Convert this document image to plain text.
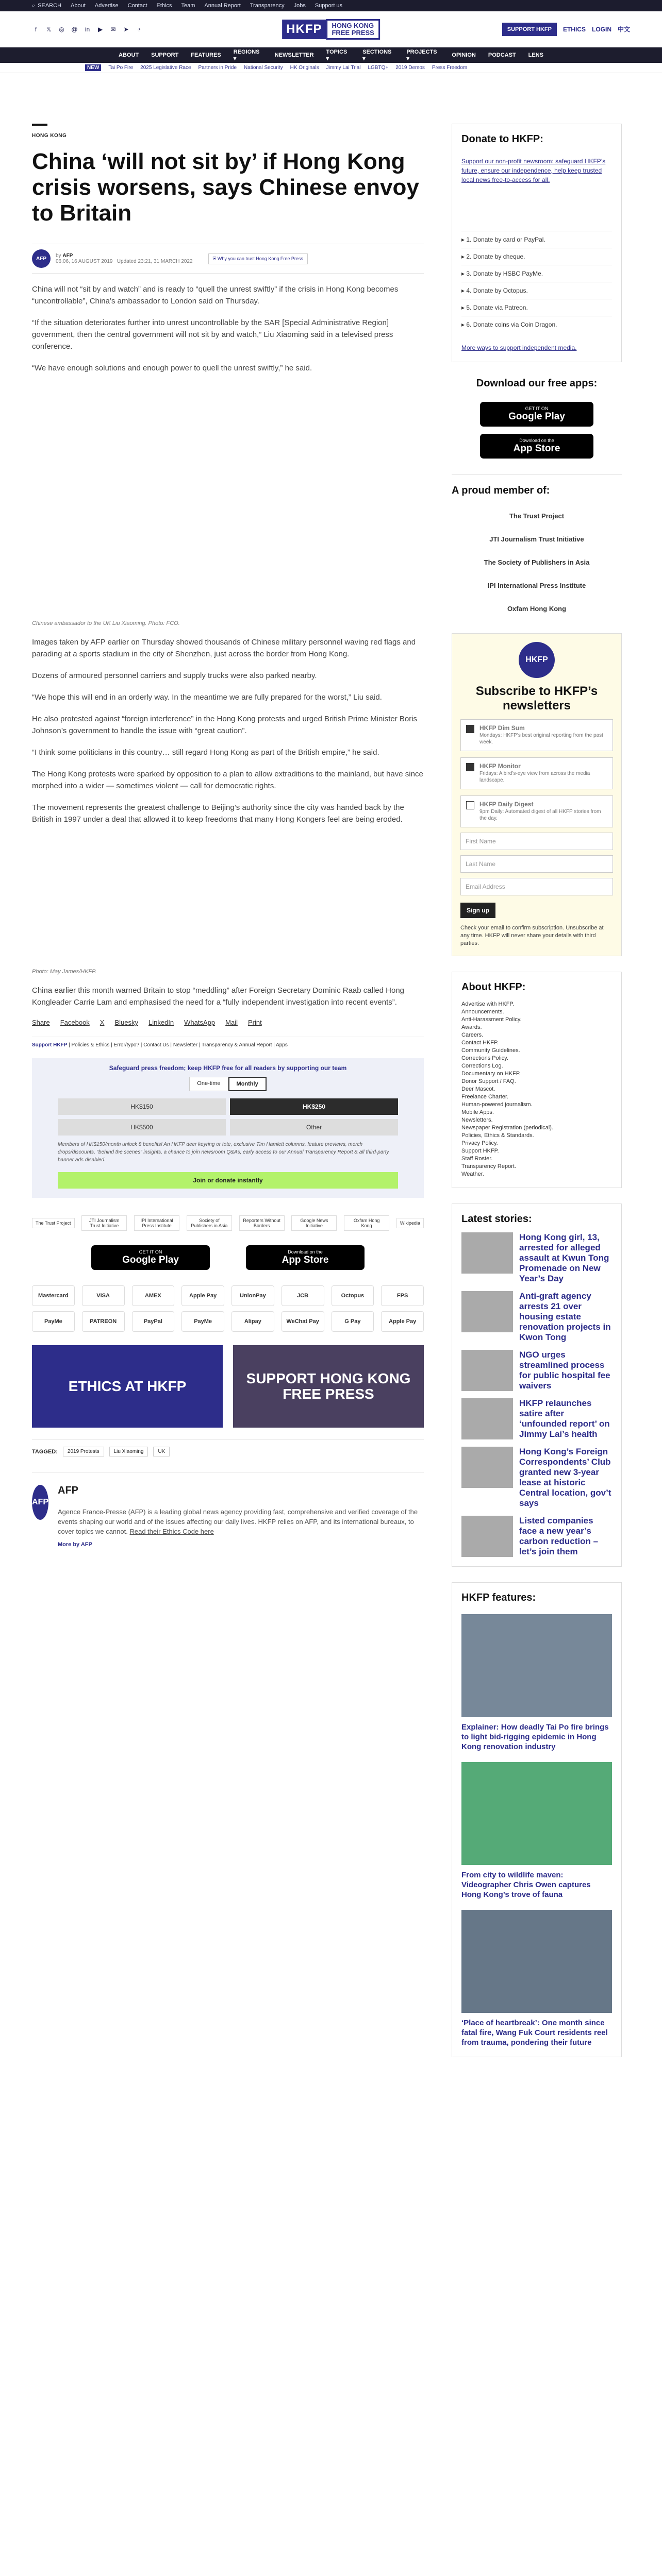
⌕ SEARCH About Advertise Contact Ethics Team Annual Report Transparency Jobs Support us
f	𝕏 ◎ @ in ▶ ✉ ➤	◔	HKFP	HONG KONG
FREE PRESS	SUPPORT HKFP	ETHICS LOGIN 中文
ABOUT SUPPORT FEATURES
REGIONS ▾
NEWSLETTER
TOPICS ▾
SECTIONS ▾
PROJECTS ▾
OPINION PODCAST LENS
NEW	Tai Po Fire 2025 Legislative Race Partners in Pride National Security HK Originals Jimmy Lai Trial LGBTQ+ 2019 Demos Press Freedom
HONG KONG
China ‘will not sit by’ if Hong Kong crisis worsens, says Chinese envoy to Britain
AFP	by AFP
06:06, 16 AUGUST 2019 Updated 23:21, 31 MARCH 2022
⛨ Why you can trust Hong Kong Free Press

China will not “sit by and watch” and is ready to “quell the unrest swiftly” if the crisis in Hong Kong becomes “uncontrollable”, China’s ambassador to London said on Thursday.

“If the situation deteriorates further into unrest uncontrollable by the SAR [Special Administrative Region] government, then the central government will not sit by and watch,” Liu Xiaoming said in a televised press conference.

“We have enough solutions and enough power to quell the unrest swiftly,” he said.

Chinese ambassador to the UK Liu Xiaoming. Photo: FCO.

Images taken by AFP earlier on Thursday showed thousands of Chinese military personnel waving red flags and parading at a sports stadium in the city of Shenzhen, just across the border from Hong Kong.

Dozens of armoured personnel carriers and supply trucks were also parked nearby.

“We hope this will end in an orderly way. In the meantime we are fully prepared for the worst,” Liu said.

He also protested against “foreign interference” in the Hong Kong protests and urged British Prime Minister Boris Johnson’s government to handle the issue with “great caution”.

“I think some politicians in this country… still regard Hong Kong as part of the British empire,” he said.

The Hong Kong protests were sparked by opposition to a plan to allow extraditions to the mainland, but have since morphed into a wider — sometimes violent — call for democratic rights.

The movement represents the greatest challenge to Beijing’s authority since the city was handed back by the British in 1997 under a deal that allowed it to keep freedoms that many Hong Kongers feel are being eroded.

Photo: May James/HKFP.

China earlier this month warned Britain to stop “meddling” after Foreign Secretary Dominic Raab called Hong Kongleader Carrie Lam and emphasised the need for a “fully independent investigation into recent events”.

Share Facebook X Bluesky LinkedIn WhatsApp Mail Print
Support HKFP | Policies & Ethics | Error/typo? | Contact Us | Newsletter | Transparency & Annual Report | Apps
Safeguard press freedom; keep HKFP free for all readers by supporting our team
One-time	Monthly
HK$150	HK$250
HK$500	Other
Members of HK$150/month unlock 8 benefits! An HKFP deer keyring or tote, exclusive Tim Hamlett columns, feature previews, merch drops/discounts, “behind the scenes” insights, a chance to join newsroom Q&As, early access to our Annual Transparency Report & all third-party banner ads disabled.
Join or donate instantly
The Trust Project	JTI Journalism Trust Initiative
IPI International Press Institute
Society of Publishers in Asia
Reporters Without Borders
Google News Initiative
Oxfam Hong Kong	Wikipedia
GET IT ON
Google Play
Download on the
App Store
Mastercard	VISA	AMEX	Apple Pay	UnionPay	JCB	Octopus	FPS
PayMe	PATREON	PayPal	PayMe	Alipay	WeChat Pay	G Pay	Apple Pay
ETHICS AT HKFP	SUPPORT HONG KONG FREE PRESS
TAGGED:	2019 Protests	Liu Xiaoming	UK
AFP
AFP
Agence France-Presse (AFP) is a leading global news agency providing fast, comprehensive and verified coverage of the events shaping our world and of the issues affecting our daily lives. HKFP relies on AFP, and its international bureaux, to cover topics we cannot. Read their Ethics Code here
More by AFP
Donate to HKFP:
Support our non-profit newsroom: safeguard HKFP’s future, ensure our independence, help keep trusted local news free-to-access for all.
▸ 1. Donate by card or PayPal.
▸ 2. Donate by cheque.
▸ 3. Donate by HSBC PayMe.
▸ 4. Donate by Octopus.
▸ 5. Donate via Patreon.
▸ 6. Donate coins via Coin Dragon.
More ways to support independent media.
Download our free apps:
GET IT ON
Google Play
Download on the
App Store
A proud member of:
The Trust Project
JTI Journalism Trust Initiative
The Society of Publishers in Asia
IPI International Press Institute
Oxfam Hong Kong
HKFP
Subscribe to HKFP’s newsletters
HKFP Dim Sum
Mondays: HKFP’s best original reporting from the past week.
HKFP Monitor
Fridays: A bird’s-eye view from across the media landscape.
HKFP Daily Digest
9pm Daily: Automated digest of all HKFP stories from the day.
First Name
Last Name
Email Address
Sign up
Check your email to confirm subscription. Unsubscribe at any time. HKFP will never share your details with third parties.
About HKFP:
Advertise with HKFP.
Announcements.
Anti-Harassment Policy.
Awards.
Careers.
Contact HKFP.
Community Guidelines.
Corrections Policy.
Corrections Log.
Documentary on HKFP.
Donor Support / FAQ.
Deer Mascot.
Freelance Charter.
Human-powered journalism.
Mobile Apps.
Newsletters.
Newspaper Registration (periodical).
Policies, Ethics & Standards.
Privacy Policy.
Support HKFP.
Staff Roster.
Transparency Report.
Weather.
Latest stories:
Hong Kong girl, 13, arrested for alleged assault at Kwun Tong Promenade on New Year’s Day
Anti-graft agency arrests 21 over housing estate renovation projects in Kwon Tong
NGO urges streamlined process for public hospital fee waivers
HKFP relaunches satire after ‘unfounded report’ on Jimmy Lai’s health
Hong Kong’s Foreign Correspondents’ Club granted new 3-year lease at historic Central location, gov’t says
Listed companies face a new year’s carbon reduction – let’s join them
HKFP features:
Explainer: How deadly Tai Po fire brings to light bid-rigging epidemic in Hong Kong renovation industry
From city to wildlife maven: Videographer Chris Owen captures Hong Kong’s trove of fauna
‘Place of heartbreak’: One month since fatal fire, Wang Fuk Court residents reel from trauma, pondering their future
